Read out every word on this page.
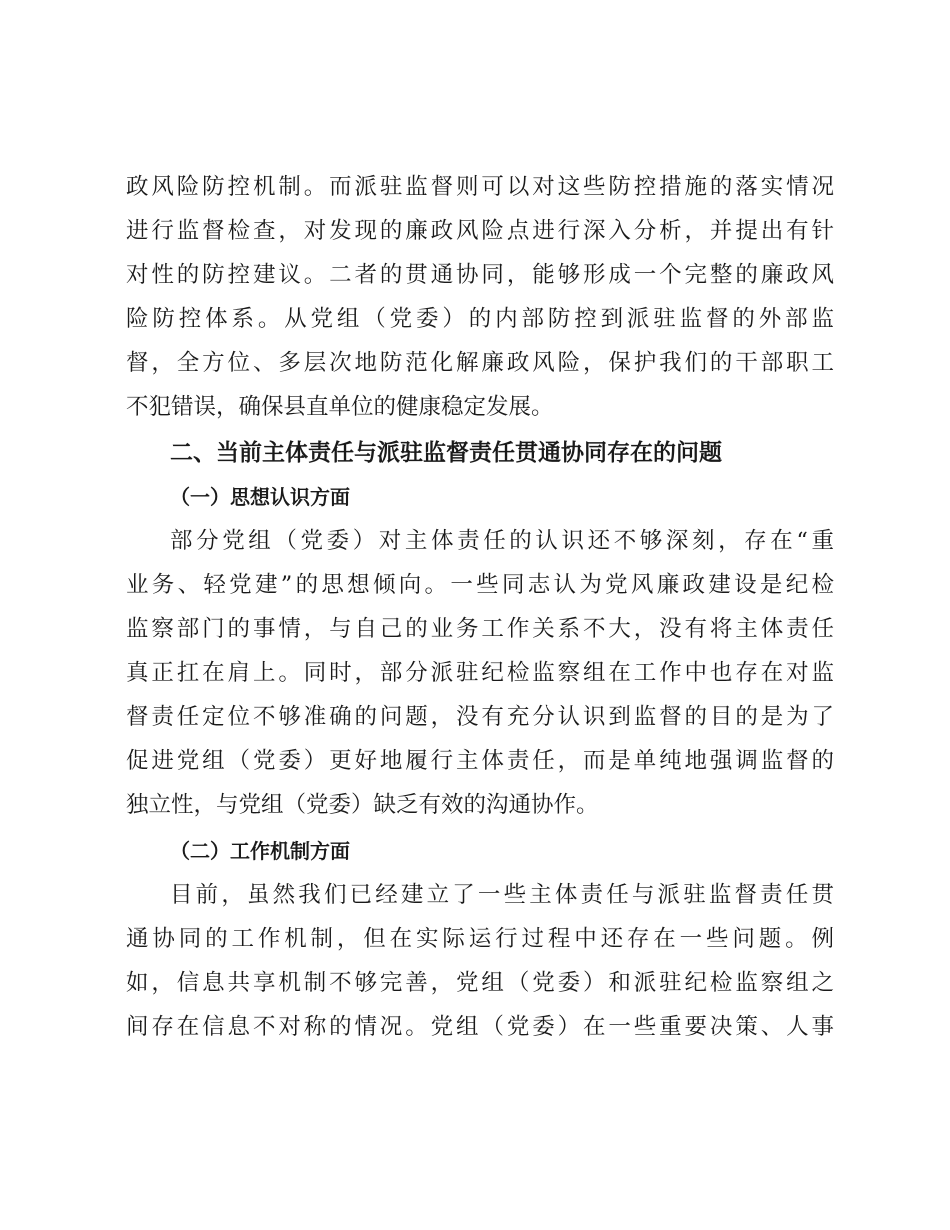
政风险防控机制。而派驻监督则可以对这些防控措施的落实情况
进行监督检查，对发现的廉政风险点进行深入分析，并提出有针
对性的防控建议。二者的贯通协同，能够形成一个完整的廉政风
险防控体系。从党组（党委）的内部防控到派驻监督的外部监
督，全方位、多层次地防范化解廉政风险，保护我们的干部职工
不犯错误，确保县直单位的健康稳定发展。
二、当前主体责任与派驻监督责任贯通协同存在的问题
（一）思想认识方面
部分党组（党委）对主体责任的认识还不够深刻，存在“重
业务、轻党建”的思想倾向。一些同志认为党风廉政建设是纪检
监察部门的事情，与自己的业务工作关系不大，没有将主体责任
真正扛在肩上。同时，部分派驻纪检监察组在工作中也存在对监
督责任定位不够准确的问题，没有充分认识到监督的目的是为了
促进党组（党委）更好地履行主体责任，而是单纯地强调监督的
独立性，与党组（党委）缺乏有效的沟通协作。
（二）工作机制方面
目前，虽然我们已经建立了一些主体责任与派驻监督责任贯
通协同的工作机制，但在实际运行过程中还存在一些问题。例
如，信息共享机制不够完善，党组（党委）和派驻纪检监察组之
间存在信息不对称的情况。党组（党委）在一些重要决策、人事
